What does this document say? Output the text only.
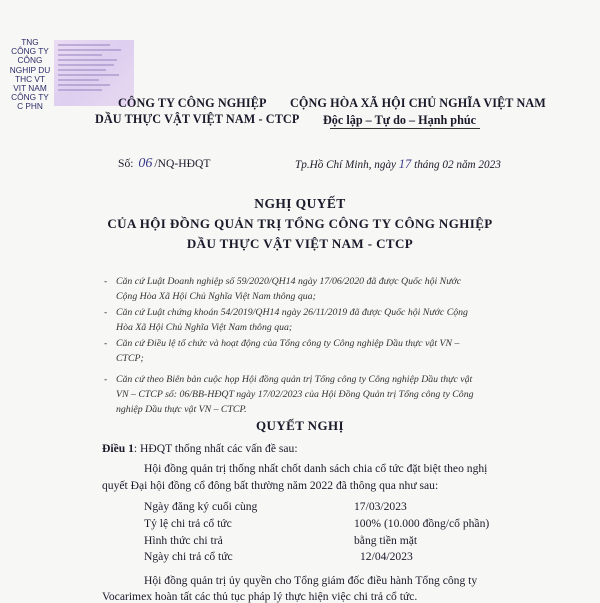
TNG
CÔNG TY
CÔNG
NGHIP DU
THC VT
VIT NAM
CÔNG TY
C PHN	CÔNG TY CÔNG NGHIỆP
DẦU THỰC VẬT VIỆT NAM - CTCP
CỘNG HÒA XÃ HỘI CHỦ NGHĨA VIỆT NAM
Độc lập – Tự do – Hạnh phúc
Số: 06 /NQ-HĐQT	Tp.Hồ Chí Minh, ngày 17 tháng 02 năm 2023
NGHỊ QUYẾT
CỦA HỘI ĐỒNG QUẢN TRỊ TỔNG CÔNG TY CÔNG NGHIỆP
DẦU THỰC VẬT VIỆT NAM - CTCP
- Căn cứ Luật Doanh nghiệp số 59/2020/QH14 ngày 17/06/2020 đã được Quốc hội Nước
Cộng Hòa Xã Hội Chủ Nghĩa Việt Nam thông qua;
- Căn cứ Luật chứng khoán 54/2019/QH14 ngày 26/11/2019 đã được Quốc hội Nước Cộng
Hòa Xã Hội Chủ Nghĩa Việt Nam thông qua;
- Căn cứ Điều lệ tổ chức và hoạt động của Tổng công ty Công nghiệp Dầu thực vật VN –
CTCP;
- Căn cứ theo Biên bản cuộc họp Hội đồng quản trị Tổng công ty Công nghiệp Dầu thực vật
VN – CTCP số: 06/BB-HĐQT ngày 17/02/2023 của Hội Đồng Quản trị Tổng công ty Công
nghiệp Dầu thực vật VN – CTCP.
QUYẾT NGHỊ
Điều 1: HĐQT thống nhất các vấn đề sau:
Hội đồng quản trị thống nhất chốt danh sách chia cổ tức đặt biệt theo nghị
quyết Đại hội đồng cổ đông bất thường năm 2022 đã thông qua như sau:
Ngày đăng ký cuối cùng	17/03/2023
Tỷ lệ chi trả cổ tức	100% (10.000 đồng/cổ phần)
Hình thức chi trả	bằng tiền mặt
Ngày chi trả cổ tức	12/04/2023
Hội đồng quản trị ủy quyền cho Tổng giám đốc điều hành Tổng công ty
Vocarimex hoàn tất các thủ tục pháp lý thực hiện việc chi trả cổ tức.
